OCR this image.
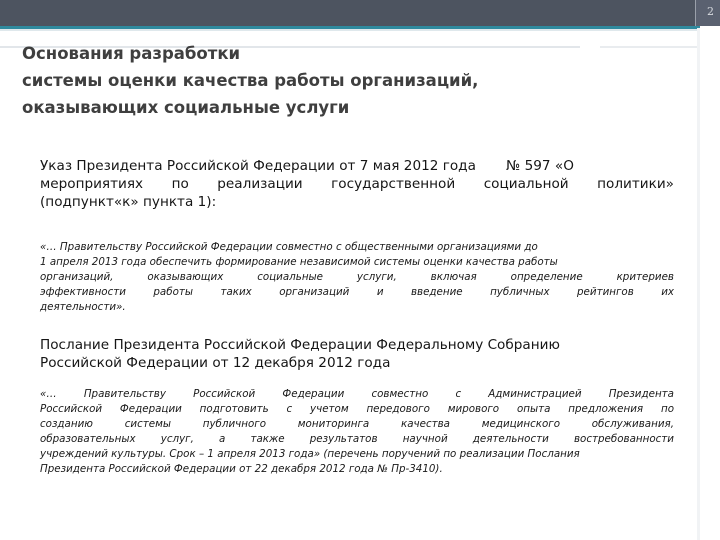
2
Основания разработки
системы оценки качества работы организаций,
оказывающих социальные услуги
Указ Президента Российской Федерации от 7 мая 2012 года       № 597 «О
мероприятиях по реализации государственной социальной политики»
(подпункт«к» пункта 1):
«… Правительству Российской Федерации совместно с общественными организациями до
1 апреля 2013 года обеспечить формирование независимой системы оценки качества работы
организаций, оказывающих социальные услуги, включая определение критериев
эффективности работы таких организаций и введение публичных рейтингов их
деятельности».
Послание Президента Российской Федерации Федеральному Собранию
Российской Федерации от 12 декабря 2012 года
«… Правительству Российской Федерации совместно с Администрацией Президента
Российской Федерации подготовить с учетом передового мирового опыта предложения по
созданию системы публичного мониторинга качества медицинского обслуживания,
образовательных услуг, а также результатов научной деятельности востребованности
учреждений культуры. Срок – 1 апреля 2013 года» (перечень поручений по реализации Послания
Президента Российской Федерации от 22 декабря 2012 года № Пр-3410).
